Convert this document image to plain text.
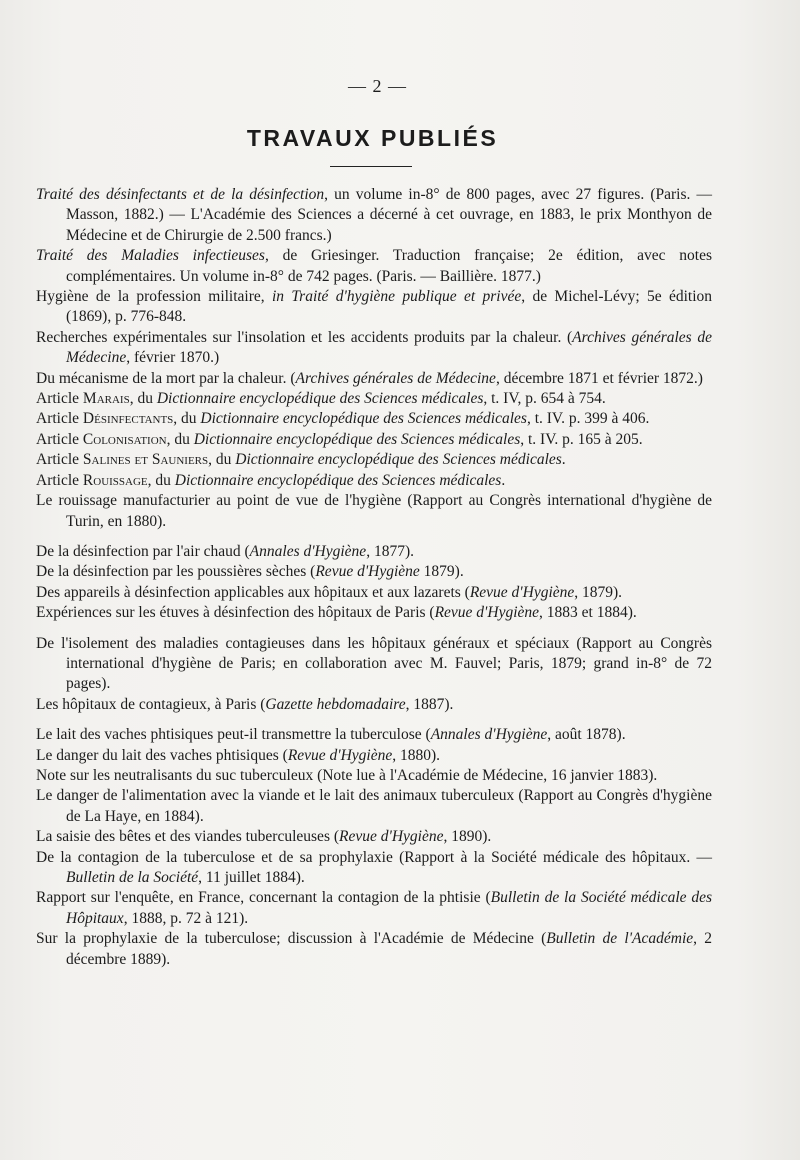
— 2 —
TRAVAUX PUBLIÉS

Traité des désinfectants et de la désinfection, un volume in-8° de 800 pages, avec 27 figures. (Paris. — Masson, 1882.) — L'Académie des Sciences a décerné à cet ouvrage, en 1883, le prix Monthyon de Médecine et de Chirurgie de 2.500 francs.)

Traité des Maladies infectieuses, de Griesinger. Traduction française; 2e édition, avec notes complémentaires. Un volume in-8° de 742 pages. (Paris. — Baillière. 1877.)

Hygiène de la profession militaire, in Traité d'hygiène publique et privée, de Michel-Lévy; 5e édition (1869), p. 776-848.

Recherches expérimentales sur l'insolation et les accidents produits par la chaleur. (Archives générales de Médecine, février 1870.)

Du mécanisme de la mort par la chaleur. (Archives générales de Médecine, décembre 1871 et février 1872.)

Article Marais, du Dictionnaire encyclopédique des Sciences médicales, t. IV, p. 654 à 754.

Article Désinfectants, du Dictionnaire encyclopédique des Sciences médicales, t. IV. p. 399 à 406.

Article Colonisation, du Dictionnaire encyclopédique des Sciences médicales, t. IV. p. 165 à 205.

Article Salines et Sauniers, du Dictionnaire encyclopédique des Sciences médicales.

Article Rouissage, du Dictionnaire encyclopédique des Sciences médicales.

Le rouissage manufacturier au point de vue de l'hygiène (Rapport au Congrès international d'hygiène de Turin, en 1880).

De la désinfection par l'air chaud (Annales d'Hygiène, 1877).

De la désinfection par les poussières sèches (Revue d'Hygiène 1879).

Des appareils à désinfection applicables aux hôpitaux et aux lazarets (Revue d'Hygiène, 1879).

Expériences sur les étuves à désinfection des hôpitaux de Paris (Revue d'Hygiène, 1883 et 1884).

De l'isolement des maladies contagieuses dans les hôpitaux généraux et spéciaux (Rapport au Congrès international d'hygiène de Paris; en collaboration avec M. Fauvel; Paris, 1879; grand in-8° de 72 pages).

Les hôpitaux de contagieux, à Paris (Gazette hebdomadaire, 1887).

Le lait des vaches phtisiques peut-il transmettre la tuberculose (Annales d'Hygiène, août 1878).

Le danger du lait des vaches phtisiques (Revue d'Hygiène, 1880).

Note sur les neutralisants du suc tuberculeux (Note lue à l'Académie de Médecine, 16 janvier 1883).

Le danger de l'alimentation avec la viande et le lait des animaux tuberculeux (Rapport au Congrès d'hygiène de La Haye, en 1884).

La saisie des bêtes et des viandes tuberculeuses (Revue d'Hygiène, 1890).

De la contagion de la tuberculose et de sa prophylaxie (Rapport à la Société médicale des hôpitaux. — Bulletin de la Société, 11 juillet 1884).

Rapport sur l'enquête, en France, concernant la contagion de la phtisie (Bulletin de la Société médicale des Hôpitaux, 1888, p. 72 à 121).

Sur la prophylaxie de la tuberculose; discussion à l'Académie de Médecine (Bulletin de l'Académie, 2 décembre 1889).
